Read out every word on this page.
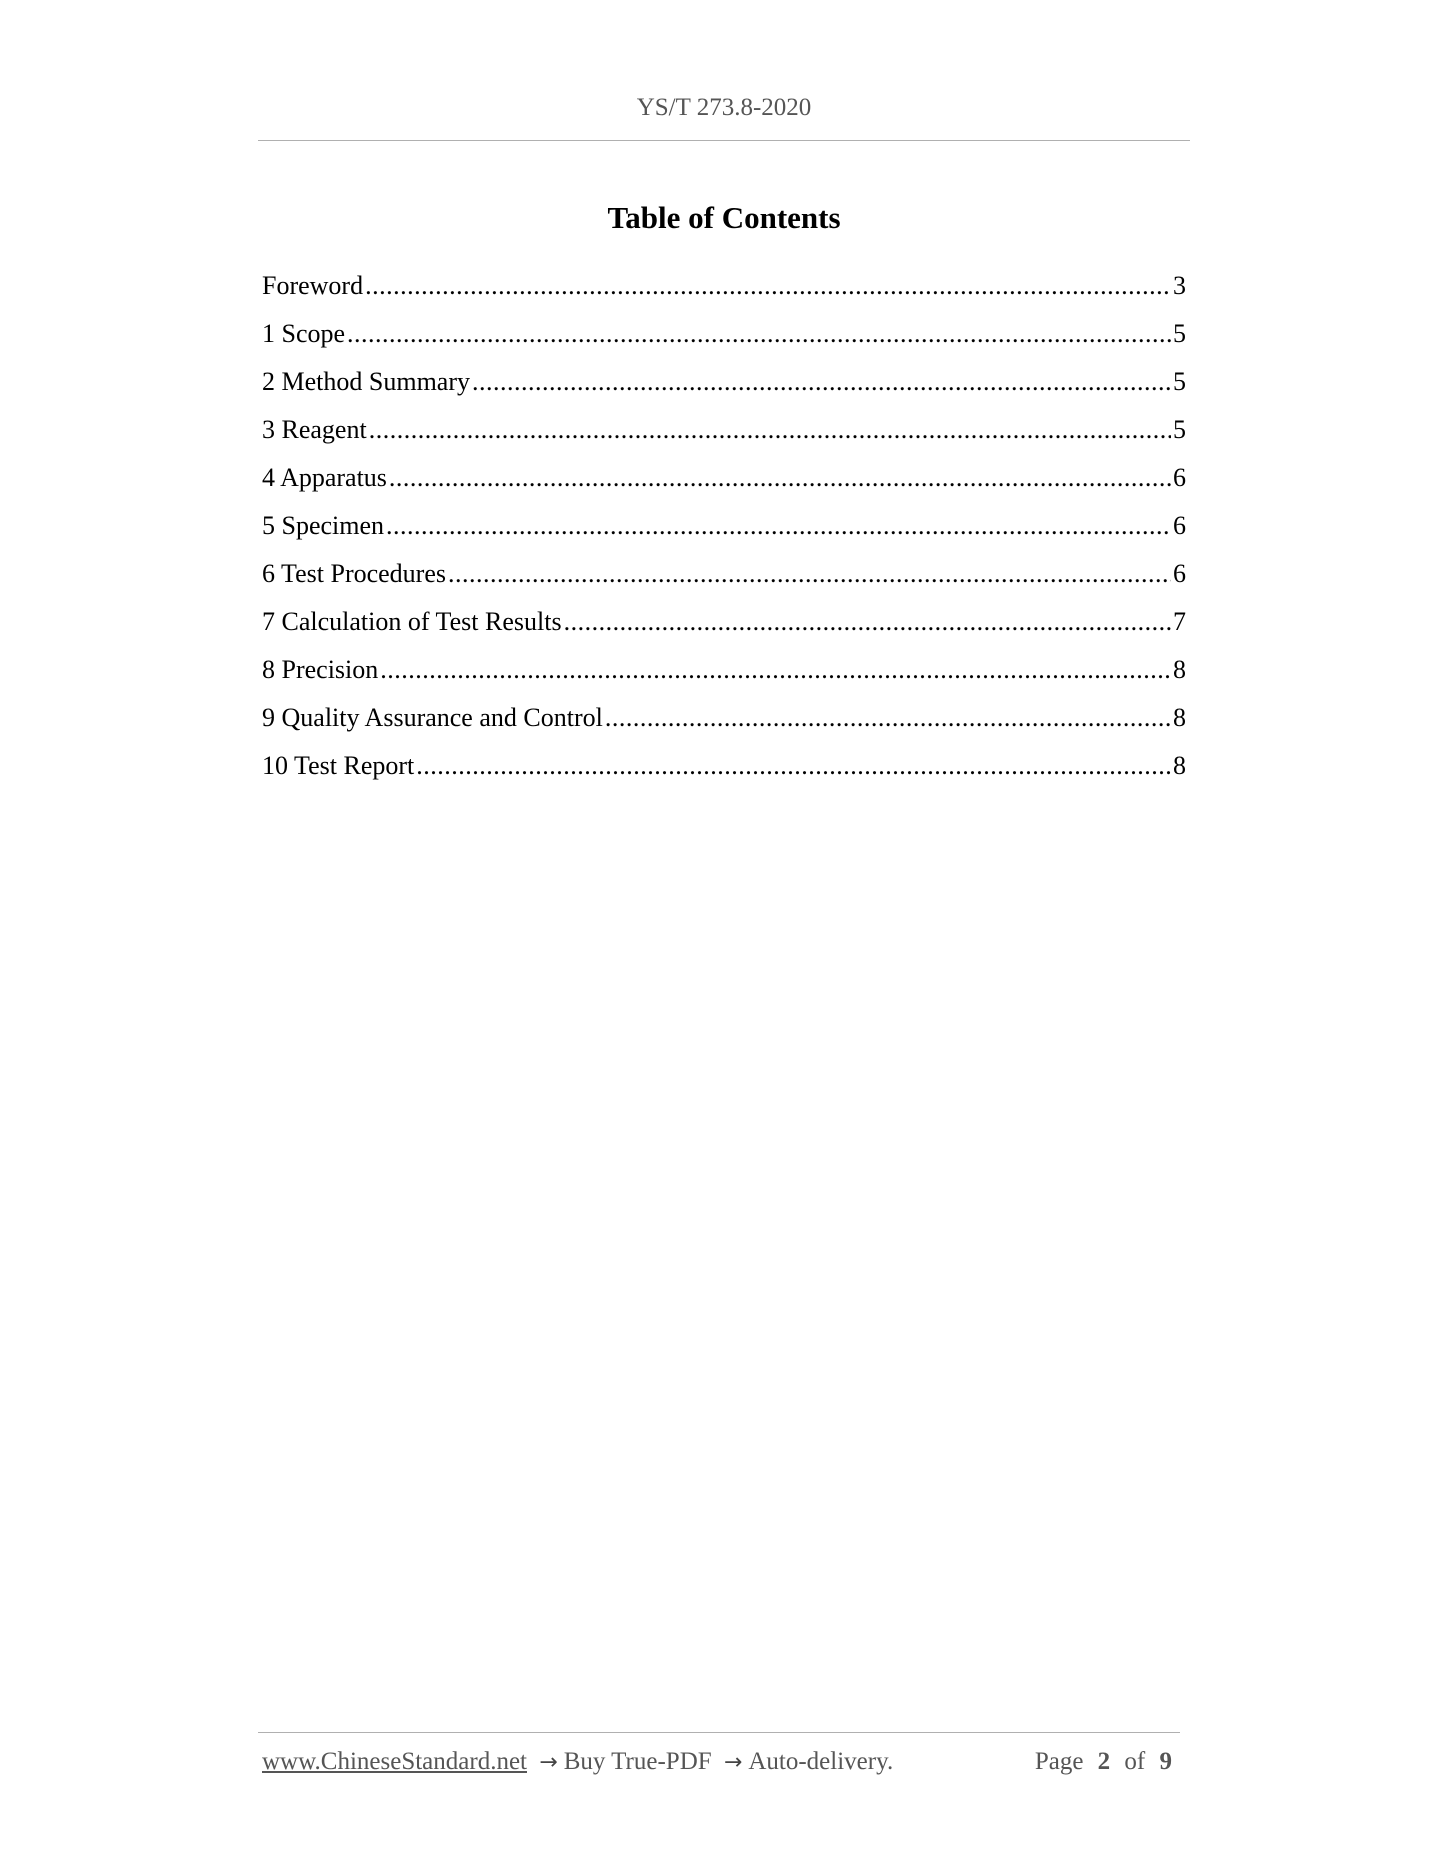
YS/T 273.8-2020
Table of Contents
Foreword .....	3
1 Scope .....	5
2 Method Summary .....	5
3 Reagent .....	5
4 Apparatus .....	6
5 Specimen .....	6
6 Test Procedures .....	6
7 Calculation of Test Results .....	7
8 Precision .....	8
9 Quality Assurance and Control .....	8
10 Test Report .....	8
www.ChineseStandard.net → Buy True-PDF → Auto-delivery.	Page 2 of 9
